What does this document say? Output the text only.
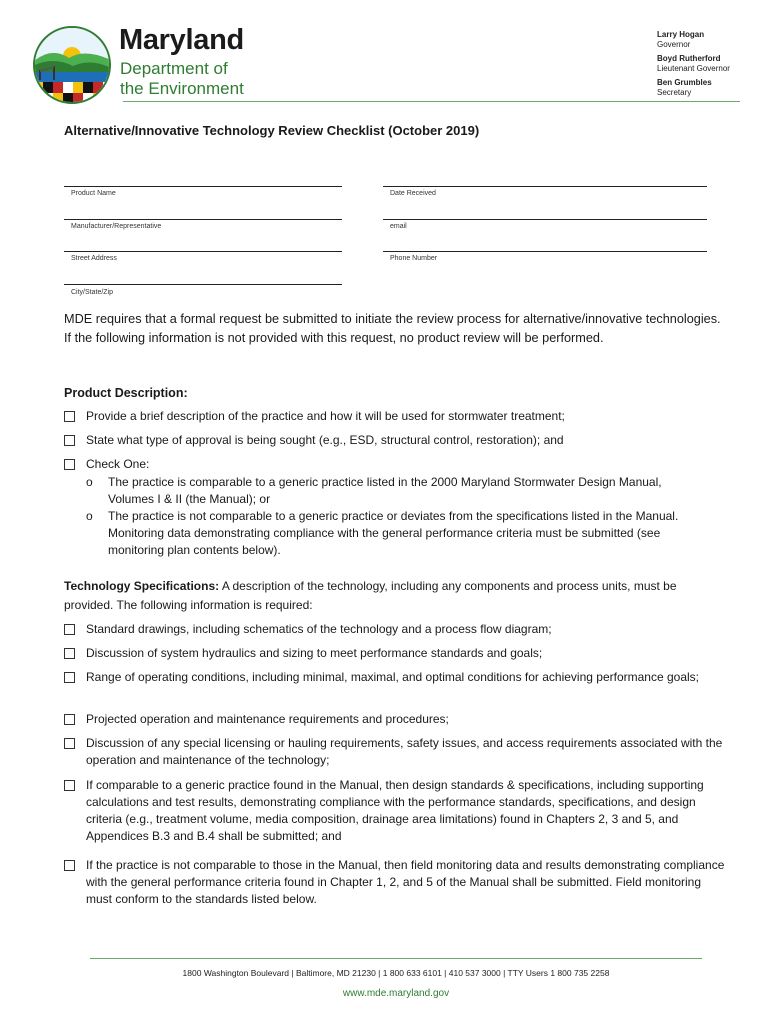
Maryland
Department of
the Environment
Larry Hogan
Governor
Boyd Rutherford
Lieutenant Governor
Ben Grumbles
Secretary
Alternative/Innovative Technology Review Checklist (October 2019)
Product Name	Date Received
Manufacturer/Representative	email
Street Address	Phone Number
City/State/Zip
MDE requires that a formal request be submitted to initiate the review process for alternative/innovative technologies. If the following information is not provided with this request, no product review will be performed.
Product Description:
Provide a brief description of the practice and how it will be used for stormwater treatment;
State what type of approval is being sought (e.g., ESD, structural control, restoration); and
Check One:
o The practice is comparable to a generic practice listed in the 2000 Maryland Stormwater Design Manual, Volumes I & II (the Manual); or
o The practice is not comparable to a generic practice or deviates from the specifications listed in the Manual. Monitoring data demonstrating compliance with the general performance criteria must be submitted (see monitoring plan contents below).
Technology Specifications: A description of the technology, including any components and process units, must be provided. The following information is required:
Standard drawings, including schematics of the technology and a process flow diagram;
Discussion of system hydraulics and sizing to meet performance standards and goals;
Range of operating conditions, including minimal, maximal, and optimal conditions for achieving performance goals;
Projected operation and maintenance requirements and procedures;
Discussion of any special licensing or hauling requirements, safety issues, and access requirements associated with the operation and maintenance of the technology;
If comparable to a generic practice found in the Manual, then design standards & specifications, including supporting calculations and test results, demonstrating compliance with the performance standards, specifications, and design criteria (e.g., treatment volume, media composition, drainage area limitations) found in Chapters 2, 3 and 5, and Appendices B.3 and B.4 shall be submitted; and
If the practice is not comparable to those in the Manual, then field monitoring data and results demonstrating compliance with the general performance criteria found in Chapter 1, 2, and 5 of the Manual shall be submitted. Field monitoring must conform to the standards listed below.
1800 Washington Boulevard | Baltimore, MD 21230 | 1 800 633 6101 | 410 537 3000 | TTY Users 1 800 735 2258
www.mde.maryland.gov
